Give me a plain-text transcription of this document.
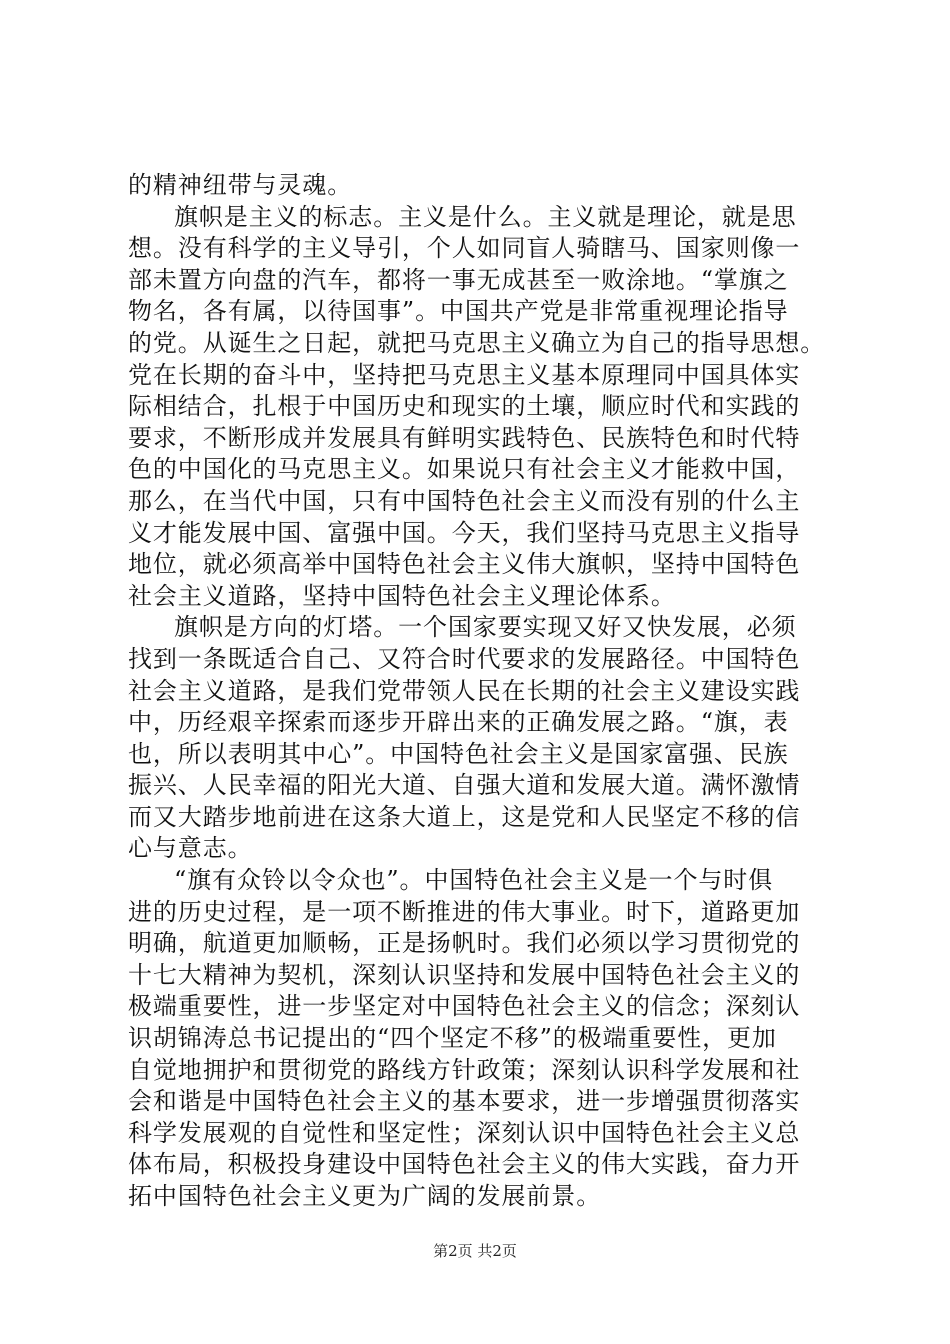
的精神纽带与灵魂。
旗帜是主义的标志。主义是什么。主义就是理论，就是思
想。没有科学的主义导引，个人如同盲人骑瞎马、国家则像一
部未置方向盘的汽车，都将一事无成甚至一败涂地。“掌旗之
物名，各有属，以待国事”。中国共产党是非常重视理论指导
的党。从诞生之日起，就把马克思主义确立为自己的指导思想。
党在长期的奋斗中，坚持把马克思主义基本原理同中国具体实
际相结合，扎根于中国历史和现实的土壤，顺应时代和实践的
要求，不断形成并发展具有鲜明实践特色、民族特色和时代特
色的中国化的马克思主义。如果说只有社会主义才能救中国，
那么，在当代中国，只有中国特色社会主义而没有别的什么主
义才能发展中国、富强中国。今天，我们坚持马克思主义指导
地位，就必须高举中国特色社会主义伟大旗帜，坚持中国特色
社会主义道路，坚持中国特色社会主义理论体系。
旗帜是方向的灯塔。一个国家要实现又好又快发展，必须
找到一条既适合自己、又符合时代要求的发展路径。中国特色
社会主义道路，是我们党带领人民在长期的社会主义建设实践
中，历经艰辛探索而逐步开辟出来的正确发展之路。“旗，表
也，所以表明其中心”。中国特色社会主义是国家富强、民族
振兴、人民幸福的阳光大道、自强大道和发展大道。满怀激情
而又大踏步地前进在这条大道上，这是党和人民坚定不移的信
心与意志。
“旗有众铃以令众也”。中国特色社会主义是一个与时俱
进的历史过程，是一项不断推进的伟大事业。时下，道路更加
明确，航道更加顺畅，正是扬帆时。我们必须以学习贯彻党的
十七大精神为契机，深刻认识坚持和发展中国特色社会主义的
极端重要性，进一步坚定对中国特色社会主义的信念；深刻认
识胡锦涛总书记提出的“四个坚定不移”的极端重要性，更加
自觉地拥护和贯彻党的路线方针政策；深刻认识科学发展和社
会和谐是中国特色社会主义的基本要求，进一步增强贯彻落实
科学发展观的自觉性和坚定性；深刻认识中国特色社会主义总
体布局，积极投身建设中国特色社会主义的伟大实践，奋力开
拓中国特色社会主义更为广阔的发展前景。
第2页 共2页
